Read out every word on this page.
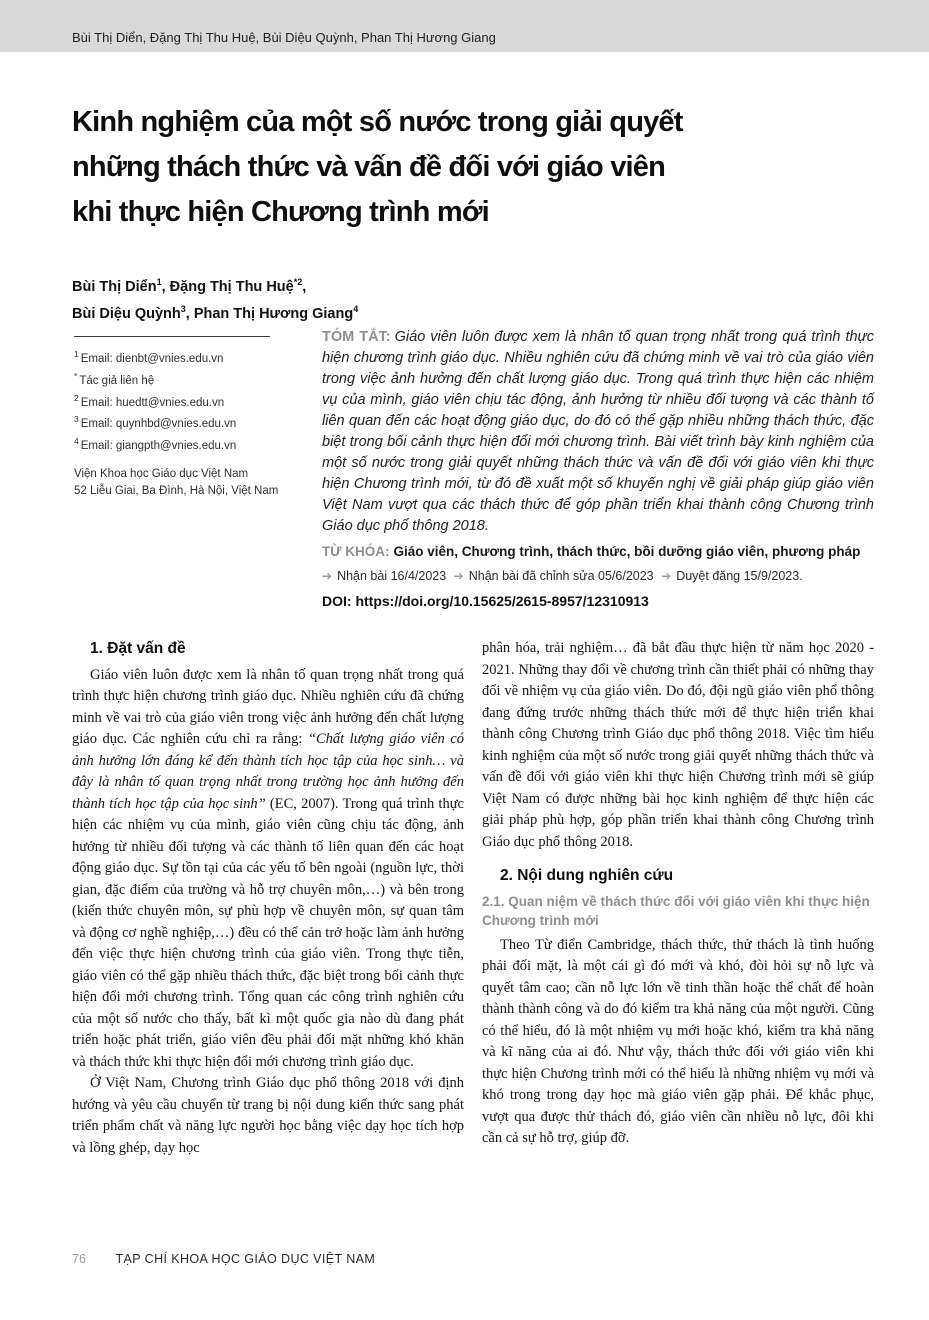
Bùi Thị Diển, Đặng Thị Thu Huệ, Bùi Diệu Quỳnh, Phan Thị Hương Giang
Kinh nghiệm của một số nước trong giải quyết
những thách thức và vấn đề đối với giáo viên
khi thực hiện Chương trình mới
Bùi Thị Diển$^1$, Đặng Thị Thu Huệ$^{*2}$,
Bùi Diệu Quỳnh$^3$, Phan Thị Hương Giang$^4$
$^1$ Email: dienbt@vnies.edu.vn
* Tác giả liên hệ
$^2$ Email: huedtt@vnies.edu.vn
$^3$ Email: quynhbd@vnies.edu.vn
$^4$ Email: giangpth@vnies.edu.vn
Viện Khoa học Giáo dục Việt Nam
52 Liễu Giai, Ba Đình, Hà Nội, Việt Nam
TÓM TẮT: Giáo viên luôn được xem là nhân tố quan trọng nhất trong quá trình thực hiện chương trình giáo dục. Nhiều nghiên cứu đã chứng minh về vai trò của giáo viên trong việc ảnh hưởng đến chất lượng giáo dục. Trong quá trình thực hiện các nhiệm vụ của mình, giáo viên chịu tác động, ảnh hưởng từ nhiều đối tượng và các thành tố liên quan đến các hoạt động giáo dục, do đó có thể gặp nhiều những thách thức, đặc biệt trong bối cảnh thực hiện đổi mới chương trình. Bài viết trình bày kinh nghiệm của một số nước trong giải quyết những thách thức và vấn đề đối với giáo viên khi thực hiện Chương trình mới, từ đó đề xuất một số khuyến nghị về giải pháp giúp giáo viên Việt Nam vượt qua các thách thức để góp phần triển khai thành công Chương trình Giáo dục phổ thông 2018.
TỪ KHÓA: Giáo viên, Chương trình, thách thức, bồi dưỡng giáo viên, phương pháp
➔ Nhận bài 16/4/2023 ➔ Nhận bài đã chỉnh sửa 05/6/2023 ➔ Duyệt đăng 15/9/2023.
DOI: https://doi.org/10.15625/2615-8957/12310913
1. Đặt vấn đề

Giáo viên luôn được xem là nhân tố quan trọng nhất trong quá trình thực hiện chương trình giáo dục. Nhiều nghiên cứu đã chứng minh về vai trò của giáo viên trong việc ảnh hưởng đến chất lượng giáo dục. Các nghiên cứu chỉ ra rằng: “Chất lượng giáo viên có ảnh hưởng lớn đáng kể đến thành tích học tập của học sinh… và đây là nhân tố quan trọng nhất trong trường học ảnh hưởng đến thành tích học tập của học sinh” (EC, 2007). Trong quá trình thực hiện các nhiệm vụ của mình, giáo viên cũng chịu tác động, ảnh hưởng từ nhiều đối tượng và các thành tố liên quan đến các hoạt động giáo dục. Sự tồn tại của các yếu tố bên ngoài (nguồn lực, thời gian, đặc điểm của trường và hỗ trợ chuyên môn,…) và bên trong (kiến thức chuyên môn, sự phù hợp về chuyên môn, sự quan tâm và động cơ nghề nghiệp,…) đều có thể cản trở hoặc làm ảnh hưởng đến việc thực hiện chương trình của giáo viên. Trong thực tiễn, giáo viên có thể gặp nhiều thách thức, đặc biệt trong bối cảnh thực hiện đổi mới chương trình. Tổng quan các công trình nghiên cứu của một số nước cho thấy, bất kì một quốc gia nào dù đang phát triển hoặc phát triển, giáo viên đều phải đối mặt những khó khăn và thách thức khi thực hiện đổi mới chương trình giáo dục.

Ở Việt Nam, Chương trình Giáo dục phổ thông 2018 với định hướng và yêu cầu chuyển từ trang bị nội dung kiến thức sang phát triển phẩm chất và năng lực người học bằng việc dạy học tích hợp và lồng ghép, dạy học

phân hóa, trải nghiệm… đã bắt đầu thực hiện từ năm học 2020 - 2021. Những thay đổi về chương trình cần thiết phải có những thay đổi về nhiệm vụ của giáo viên. Do đó, đội ngũ giáo viên phổ thông đang đứng trước những thách thức mới để thực hiện triển khai thành công Chương trình Giáo dục phổ thông 2018. Việc tìm hiểu kinh nghiệm của một số nước trong giải quyết những thách thức và vấn đề đối với giáo viên khi thực hiện Chương trình mới sẽ giúp Việt Nam có được những bài học kinh nghiệm để thực hiện các giải pháp phù hợp, góp phần triển khai thành công Chương trình Giáo dục phổ thông 2018.

2. Nội dung nghiên cứu
2.1. Quan niệm về thách thức đối với giáo viên khi thực hiện Chương trình mới

Theo Từ điển Cambridge, thách thức, thử thách là tình huống phải đối mặt, là một cái gì đó mới và khó, đòi hỏi sự nỗ lực và quyết tâm cao; cần nỗ lực lớn về tinh thần hoặc thể chất để hoàn thành thành công và do đó kiểm tra khả năng của một người. Cũng có thể hiểu, đó là một nhiệm vụ mới hoặc khó, kiểm tra khả năng và kĩ năng của ai đó. Như vậy, thách thức đối với giáo viên khi thực hiện Chương trình mới có thể hiểu là những nhiệm vụ mới và khó trong trong dạy học mà giáo viên gặp phải. Để khắc phục, vượt qua được thử thách đó, giáo viên cần nhiều nỗ lực, đôi khi cần cả sự hỗ trợ, giúp đỡ.

76 TẠP CHÍ KHOA HỌC GIÁO DỤC VIỆT NAM
